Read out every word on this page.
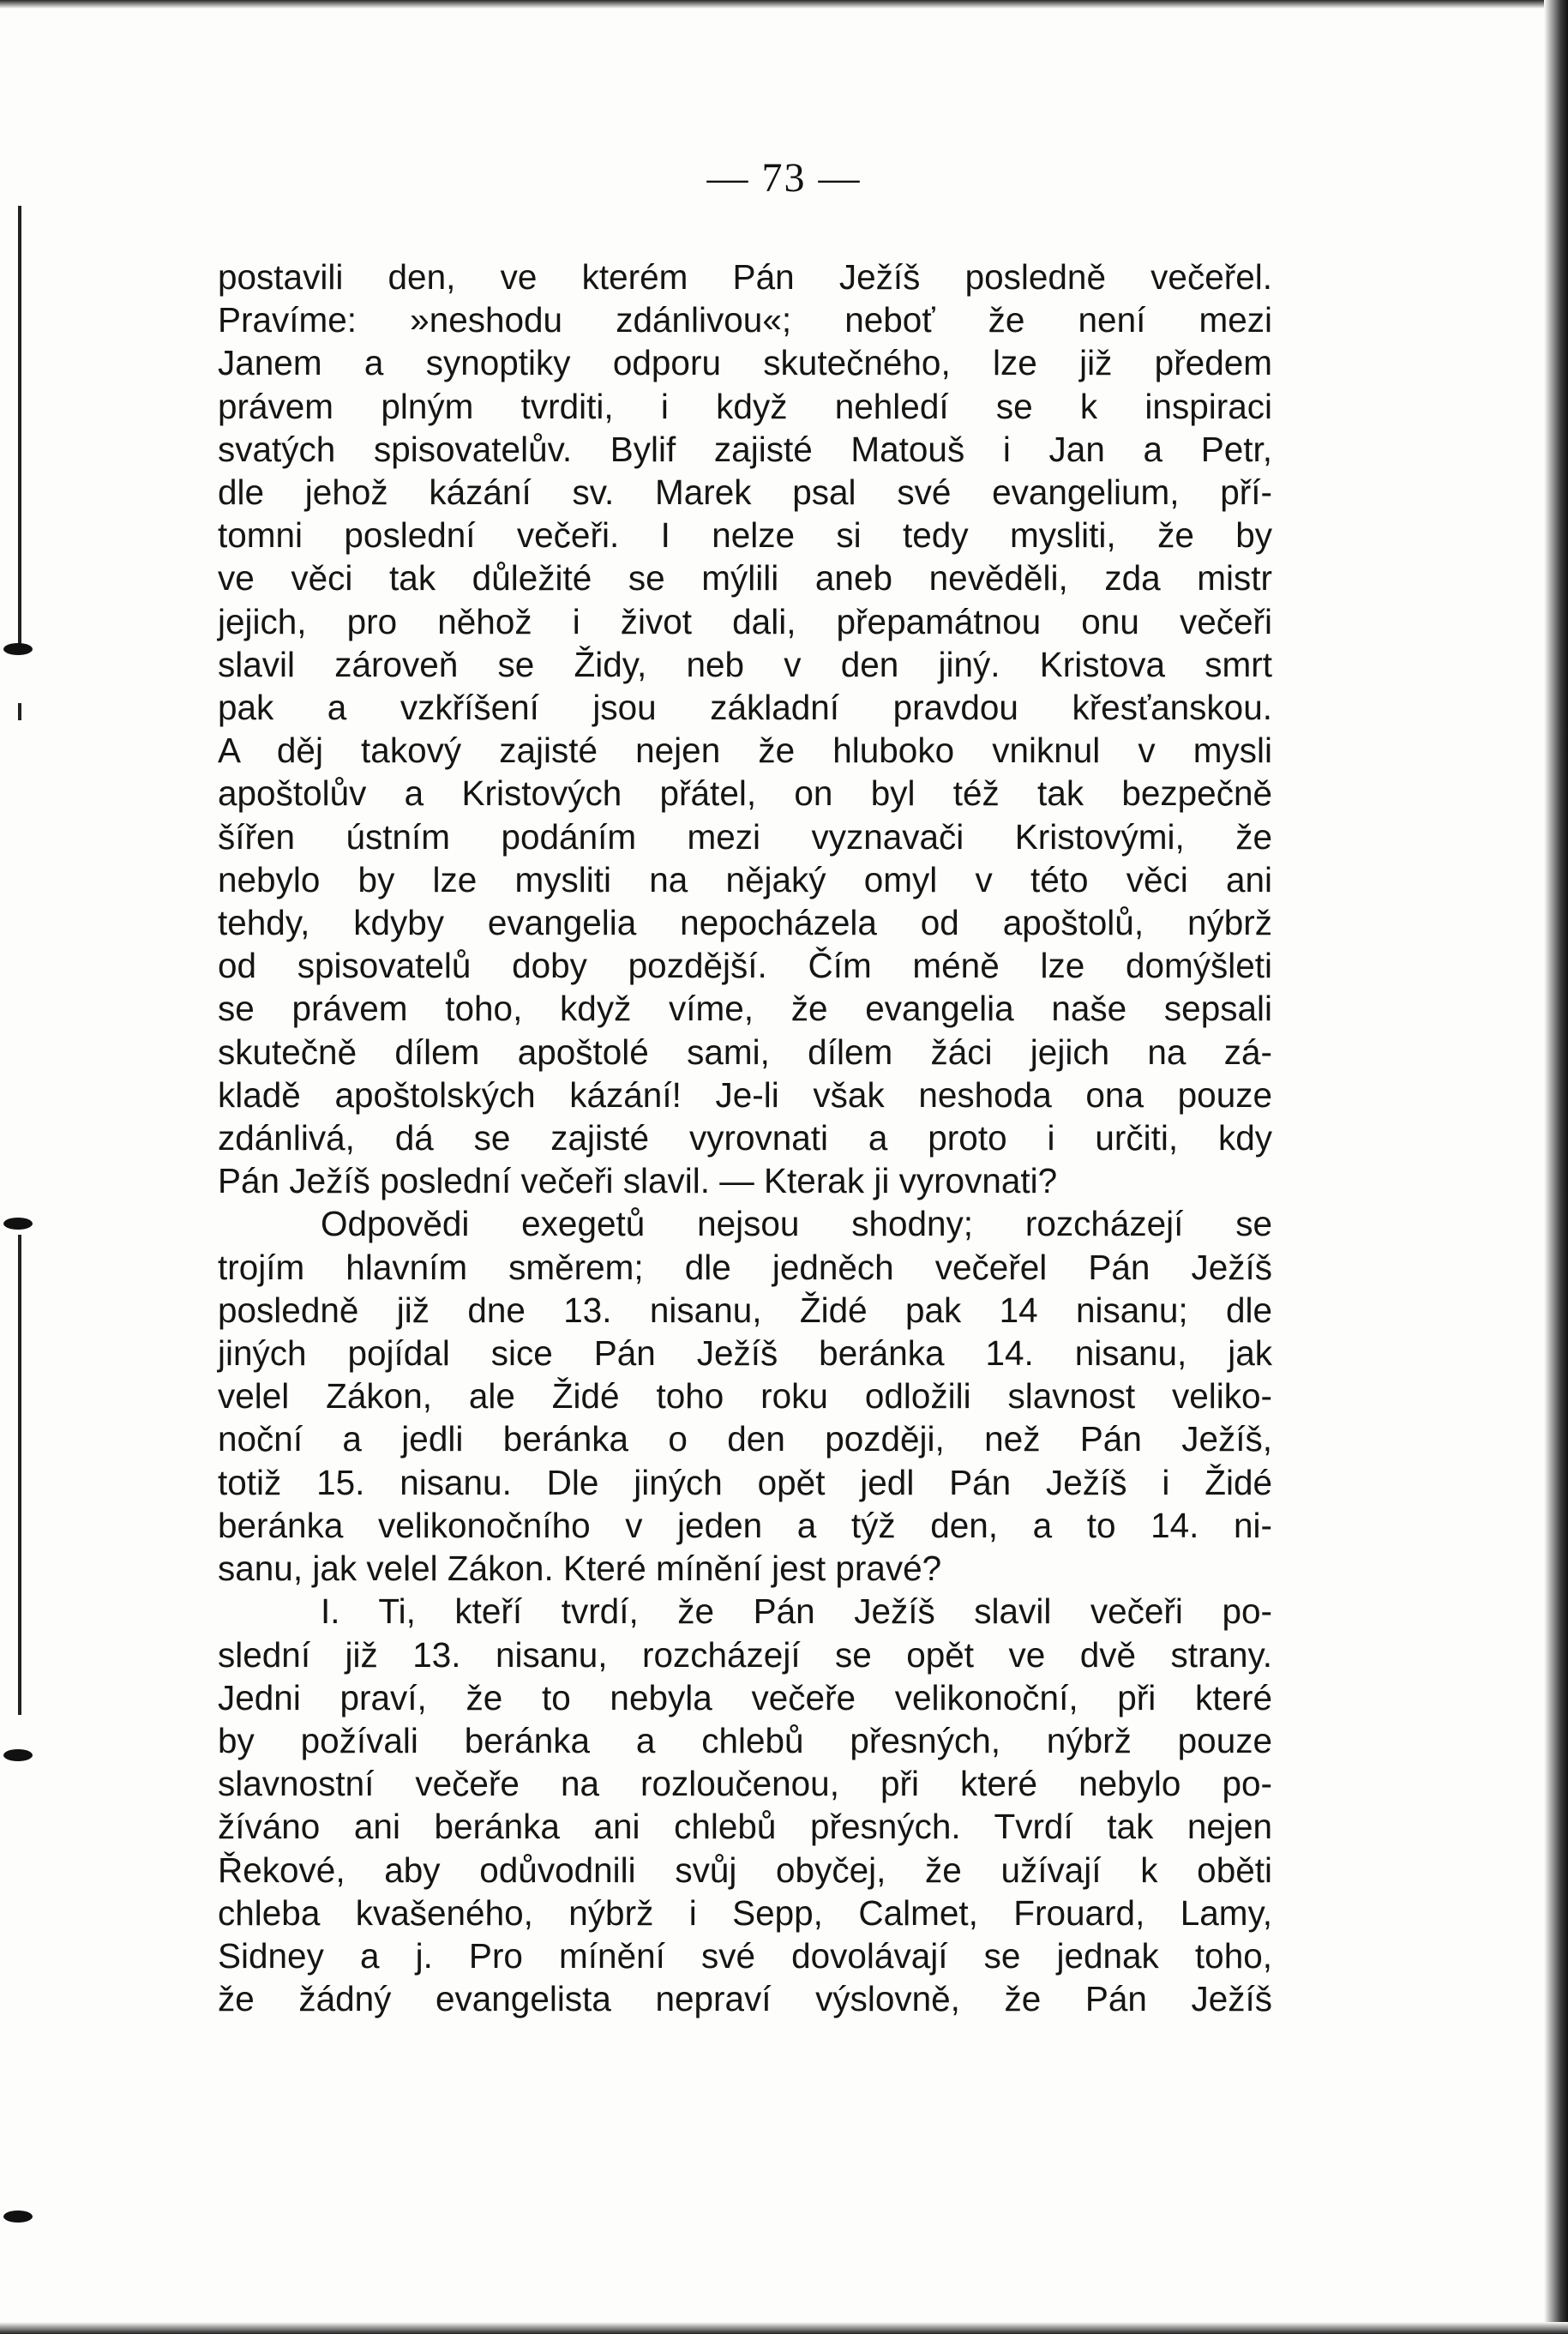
— 73 —
postavili den, ve kterém Pán Ježíš posledně večeřel.
Pravíme: »neshodu zdánlivou«; neboť že není mezi
Janem a synoptiky odporu skutečného, lze již předem
právem plným tvrditi, i když nehledí se k inspiraci
svatých spisovatelův. Bylif zajisté Matouš i Jan a Petr,
dle jehož kázání sv. Marek psal své evangelium, pří-
tomni poslední večeři. I nelze si tedy mysliti, že by
ve věci tak důležité se mýlili aneb nevěděli, zda mistr
jejich, pro něhož i život dali, přepamátnou onu večeři
slavil zároveň se Židy, neb v den jiný. Kristova smrt
pak a vzkříšení jsou základní pravdou křesťanskou.
A děj takový zajisté nejen že hluboko vniknul v mysli
apoštolův a Kristových přátel, on byl též tak bezpečně
šířen ústním podáním mezi vyznavači Kristovými, že
nebylo by lze mysliti na nějaký omyl v této věci ani
tehdy, kdyby evangelia nepocházela od apoštolů, nýbrž
od spisovatelů doby pozdější. Čím méně lze domýšleti
se právem toho, když víme, že evangelia naše sepsali
skutečně dílem apoštolé sami, dílem žáci jejich na zá-
kladě apoštolských kázání! Je-li však neshoda ona pouze
zdánlivá, dá se zajisté vyrovnati a proto i určiti, kdy
Pán Ježíš poslední večeři slavil. — Kterak ji vyrovnati?
Odpovědi exegetů nejsou shodny; rozcházejí se
trojím hlavním směrem; dle jedněch večeřel Pán Ježíš
posledně již dne 13. nisanu, Židé pak 14 nisanu; dle
jiných pojídal sice Pán Ježíš beránka 14. nisanu, jak
velel Zákon, ale Židé toho roku odložili slavnost veliko-
noční a jedli beránka o den později, než Pán Ježíš,
totiž 15. nisanu. Dle jiných opět jedl Pán Ježíš i Židé
beránka velikonočního v jeden a týž den, a to 14. ni-
sanu, jak velel Zákon. Které mínění jest pravé?
I. Ti, kteří tvrdí, že Pán Ježíš slavil večeři po-
slední již 13. nisanu, rozcházejí se opět ve dvě strany.
Jedni praví, že to nebyla večeře velikonoční, při které
by požívali beránka a chlebů přesných, nýbrž pouze
slavnostní večeře na rozloučenou, při které nebylo po-
žíváno ani beránka ani chlebů přesných. Tvrdí tak nejen
Řekové, aby odůvodnili svůj obyčej, že užívají k oběti
chleba kvašeného, nýbrž i Sepp, Calmet, Frouard, Lamy,
Sidney a j. Pro mínění své dovolávají se jednak toho,
že žádný evangelista nepraví výslovně, že Pán Ježíš
